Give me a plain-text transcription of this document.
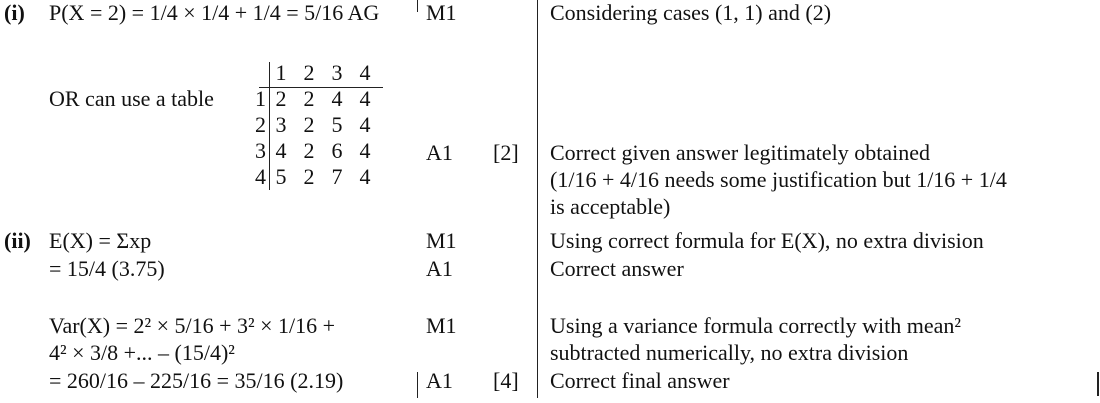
(i) P(X = 2) = 1/4 × 1/4 + 1/4 = 5/16 AG M1	Considering cases (1, 1) and (2)
OR can use a table
1 2 3 4
1 2 2 4 4
2 3 2 5 4
3 4 2 6 4
4 5 2 7 4
A1 [2] Correct given answer legitimately obtained
(1/16 + 4/16 needs some justification but 1/16 + 1/4
is acceptable)
(ii) E(X) = Σxp
= 15/4 (3.75)
M1
A1
Using correct formula for E(X), no extra division
Correct answer
Var(X) = 2² × 5/16 + 3² × 1/16 +
4² × 3/8 +... – (15/4)²
= 260/16 – 225/16 = 35/16 (2.19)
M1
A1 [4]
Using a variance formula correctly with mean²
subtracted numerically, no extra division
Correct final answer
